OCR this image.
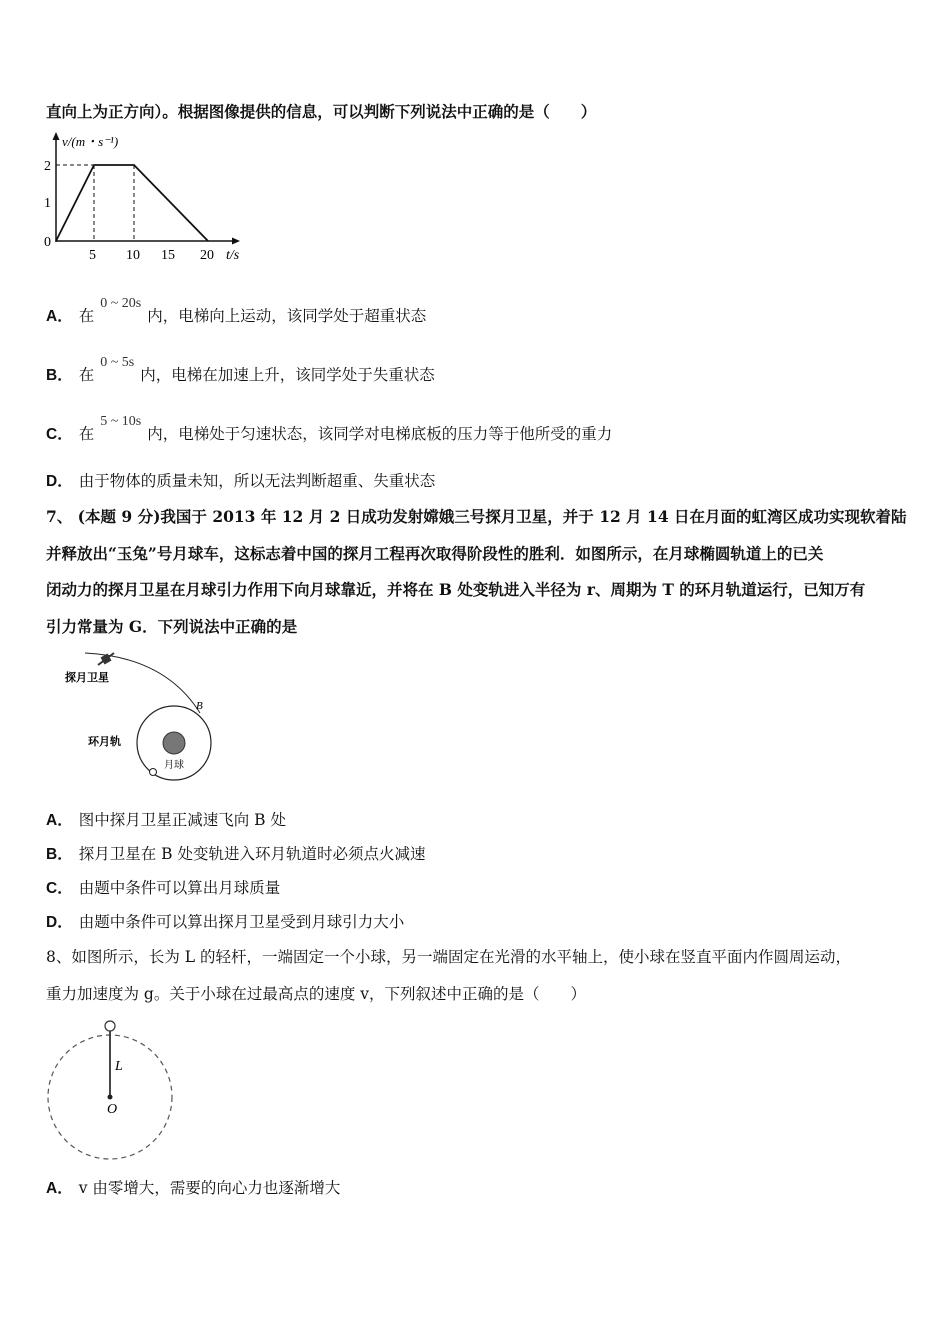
直向上为正方向）。根据图像提供的信息，可以判断下列说法中正确的是（　　）
v/(m・s⁻¹)
2
1
0
5 10 15 20 t/s
A． 在0 ~ 20s内，电梯向上运动，该同学处于超重状态
B． 在0 ~ 5s内，电梯在加速上升，该同学处于失重状态
C． 在5 ~ 10s内，电梯处于匀速状态，该同学对电梯底板的压力等于他所受的重力
D． 由于物体的质量未知，所以无法判断超重、失重状态
7、 (本题 9 分)我国于 2013 年 12 月 2 日成功发射嫦娥三号探月卫星，并于 12 月 14 日在月面的虹湾区成功实现软着陆
并释放出“玉兔”号月球车，这标志着中国的探月工程再次取得阶段性的胜利．如图所示，在月球椭圆轨道上的已关
闭动力的探月卫星在月球引力作用下向月球靠近，并将在 B 处变轨进入半径为 r、周期为 T 的环月轨道运行，已知万有
引力常量为 G．下列说法中正确的是
探月卫星
B
月球
环月轨
A． 图中探月卫星正减速飞向 B 处
B． 探月卫星在 B 处变轨进入环月轨道时必须点火减速
C． 由题中条件可以算出月球质量
D． 由题中条件可以算出探月卫星受到月球引力大小
8、如图所示，长为 L 的轻杆，一端固定一个小球，另一端固定在光滑的水平轴上，使小球在竖直平面内作圆周运动，
重力加速度为 g。关于小球在过最高点的速度 v，下列叙述中正确的是（　　）
L
O
A． v 由零增大，需要的向心力也逐渐增大
